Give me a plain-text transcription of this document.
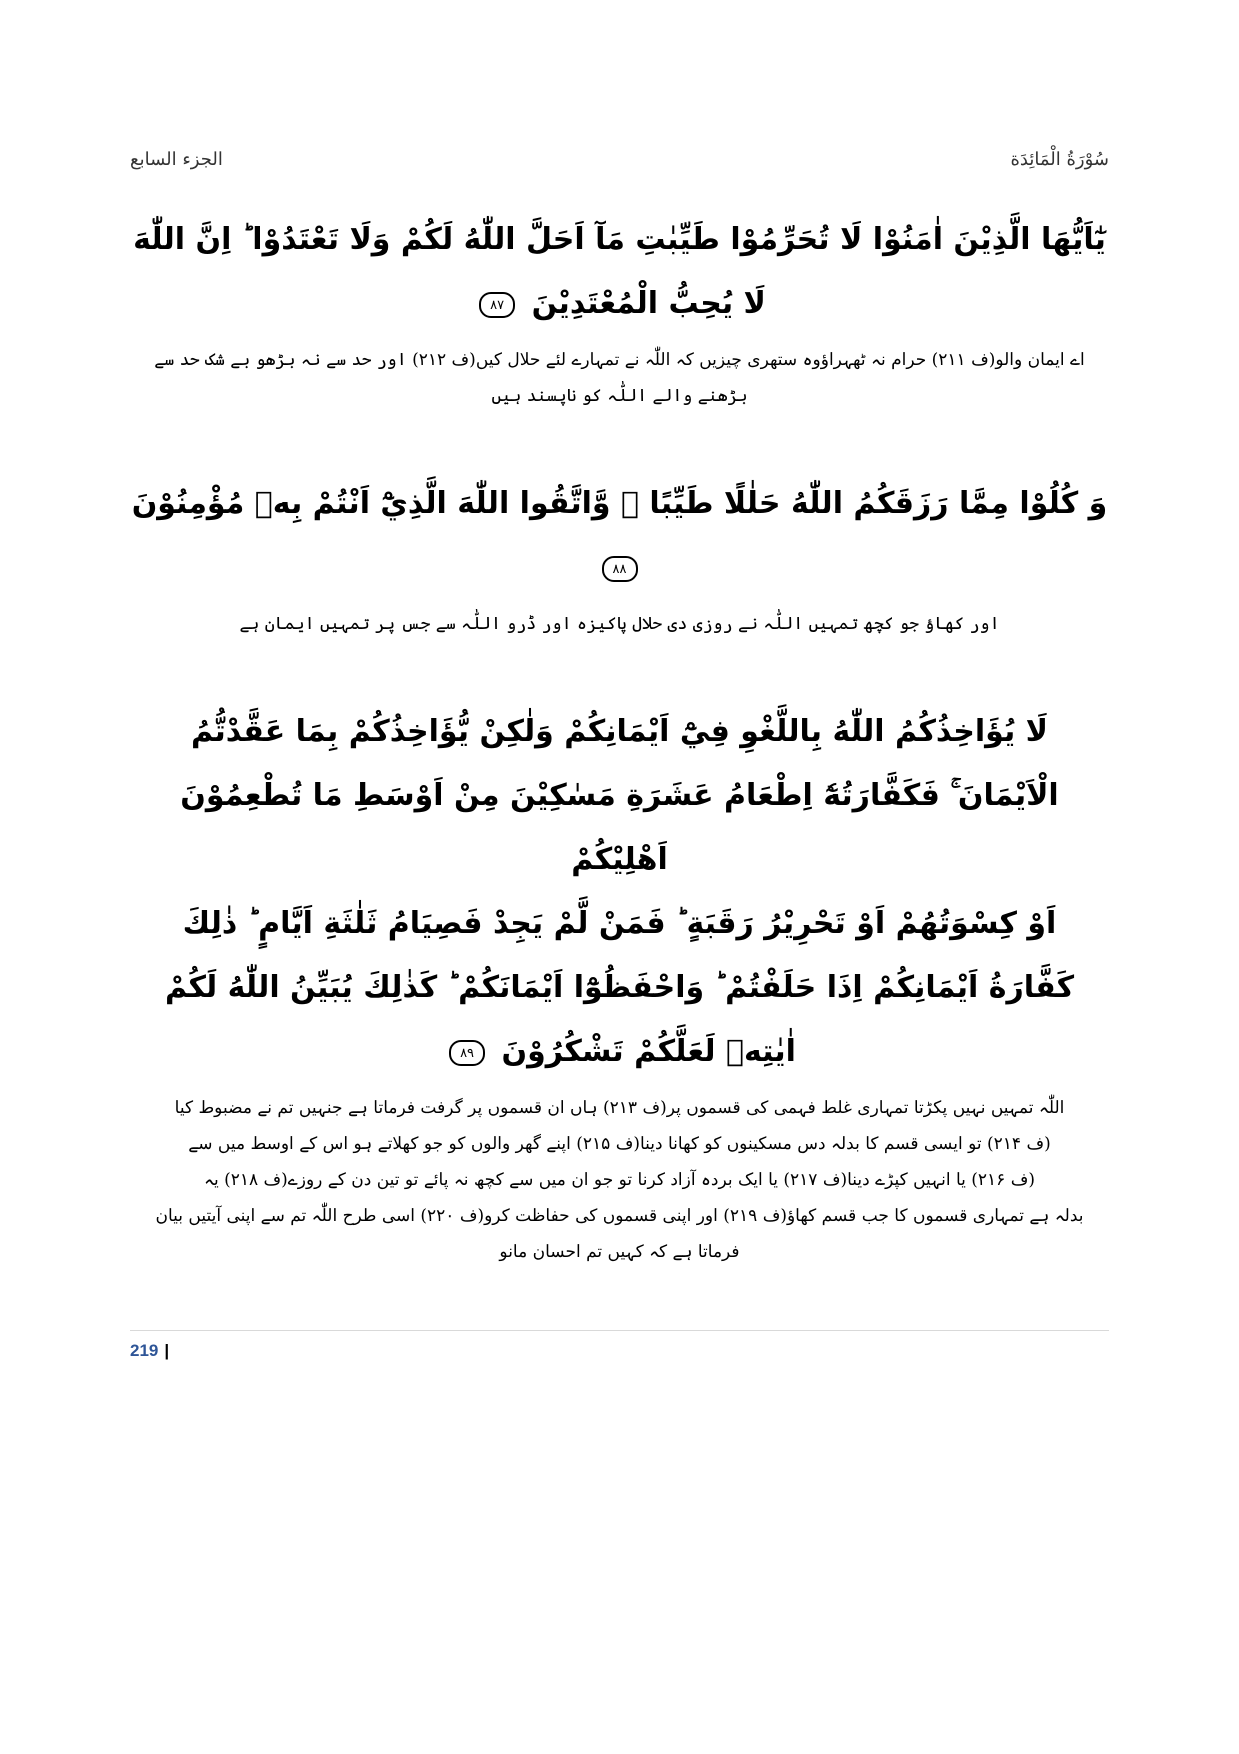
الجزء السابع	سُوْرَةُ الْمَائِدَة
يٰٓاَيُّهَا الَّذِيْنَ اٰمَنُوْا لَا تُحَرِّمُوْا طَيِّبٰتِ مَآ اَحَلَّ اللّٰهُ لَكُمْ وَلَا تَعْتَدُوْا ؕ اِنَّ اللّٰهَ
لَا يُحِبُّ الْمُعْتَدِيْنَ ٨٧
اے ایمان والو(ف ۲۱۱) حرام نہ ٹھہراؤوہ ستھری چیزیں کہ اللّٰہ نے تمہارے لئے حلال کیں(ف ۲۱۲) اور حد سے نہ بڑھو بے شک حد سے بڑھنے والے اللّٰہ کو ناپسند ہیں
وَ كُلُوْا مِمَّا رَزَقَكُمُ اللّٰهُ حَلٰلًا طَيِّبًا ۪ وَّاتَّقُوا اللّٰهَ الَّذِيْٓ اَنْتُمْ بِهٖ مُؤْمِنُوْنَ
٨٨
اور کھاؤ جو کچھ تمہیں اللّٰہ نے روزی دی حلال پاکیزہ اور ڈرو اللّٰہ سے جس پر تمہیں ایمان ہے
لَا يُؤَاخِذُكُمُ اللّٰهُ بِاللَّغْوِ فِيْٓ اَيْمَانِكُمْ وَلٰكِنْ يُّؤَاخِذُكُمْ بِمَا عَقَّدْتُّمُ
الْاَيْمَانَ ۚ فَكَفَّارَتُهٗٓ اِطْعَامُ عَشَرَةِ مَسٰكِيْنَ مِنْ اَوْسَطِ مَا تُطْعِمُوْنَ اَهْلِيْكُمْ
اَوْ كِسْوَتُهُمْ اَوْ تَحْرِيْرُ رَقَبَةٍ ؕ فَمَنْ لَّمْ يَجِدْ فَصِيَامُ ثَلٰثَةِ اَيَّامٍ ؕ ذٰلِكَ
كَفَّارَةُ اَيْمَانِكُمْ اِذَا حَلَفْتُمْ ؕ وَاحْفَظُوْٓا اَيْمَانَكُمْ ؕ كَذٰلِكَ يُبَيِّنُ اللّٰهُ لَكُمْ
اٰيٰتِهٖ لَعَلَّكُمْ تَشْكُرُوْنَ ٨٩
اللّٰہ تمہیں نہیں پکڑتا تمہاری غلط فہمی کی قسموں پر(ف ۲۱۳) ہاں ان قسموں پر گرفت فرماتا ہے جنہیں تم نے مضبوط کیا
(ف ۲۱۴) تو ایسی قسم کا بدلہ دس مسکینوں کو کھانا دینا(ف ۲۱۵) اپنے گھر والوں کو جو کھلاتے ہو اس کے اوسط میں سے
(ف ۲۱۶) یا انہیں کپڑے دینا(ف ۲۱۷) یا ایک بردہ آزاد کرنا تو جو ان میں سے کچھ نہ پائے تو تین دن کے روزے(ف ۲۱۸) یہ
بدلہ ہے تمہاری قسموں کا جب قسم کھاؤ(ف ۲۱۹) اور اپنی قسموں کی حفاظت کرو(ف ۲۲۰) اسی طرح اللّٰہ تم سے اپنی آیتیں بیان
فرماتا ہے کہ کہیں تم احسان مانو
219 |
